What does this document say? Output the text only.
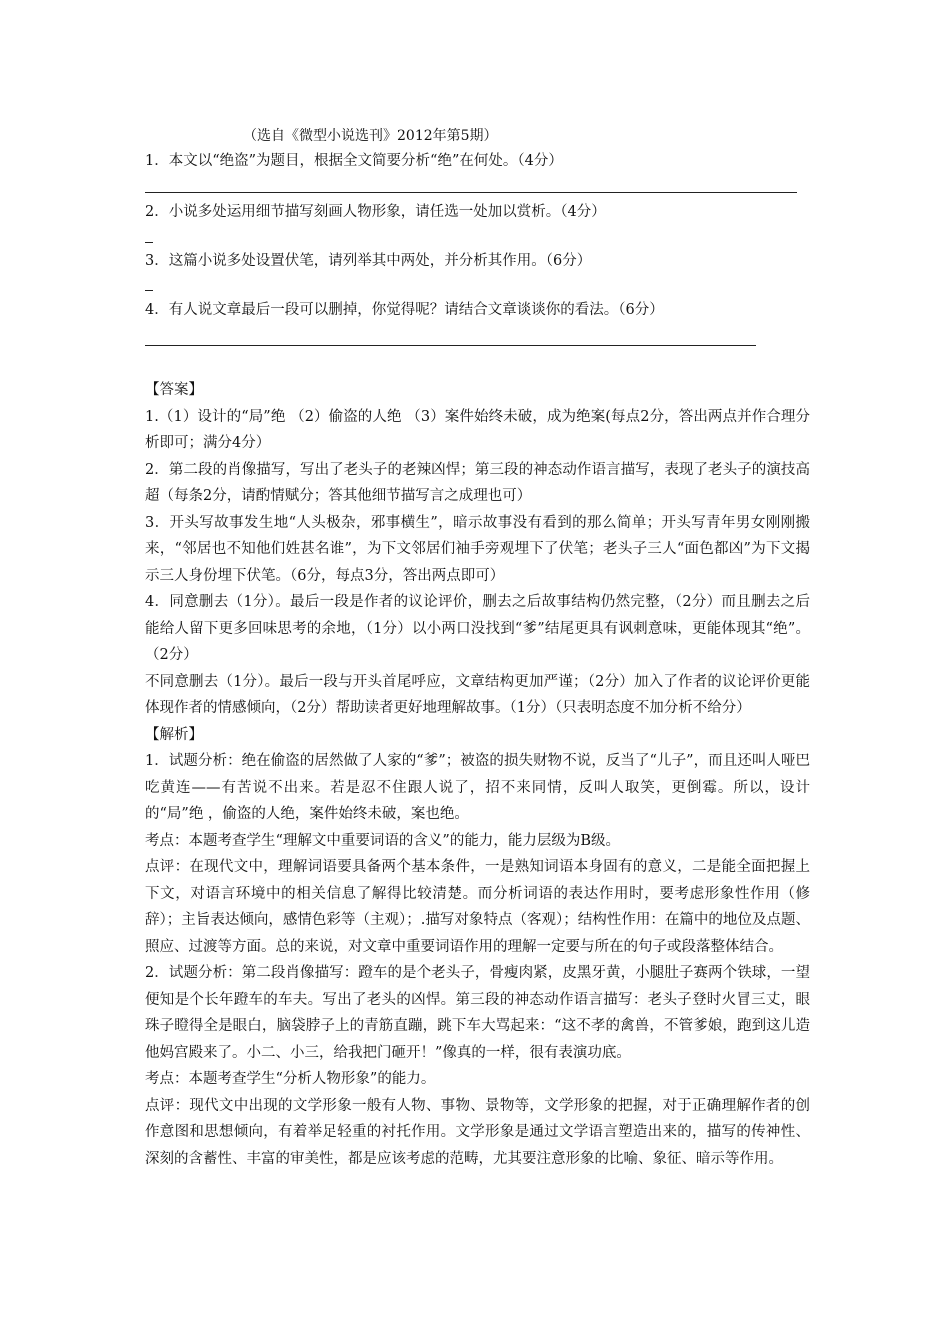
（选自《微型小说选刊》2012年第5期）
1．本文以“绝盗”为题目，根据全文简要分析“绝”在何处。（4分）
2．小说多处运用细节描写刻画人物形象，请任选一处加以赏析。（4分）
3．这篇小说多处设置伏笔，请列举其中两处，并分析其作用。（6分）
4．有人说文章最后一段可以删掉，你觉得呢？请结合文章谈谈你的看法。（6分）

【答案】

1.（1）设计的“局”绝 （2）偷盗的人绝 （3）案件始终未破，成为绝案(每点2分，答出两点并作合理分析即可；满分4分）

2．第二段的肖像描写，写出了老头子的老辣凶悍；第三段的神态动作语言描写，表现了老头子的演技高超（每条2分，请酌情赋分；答其他细节描写言之成理也可）

3．开头写故事发生地“人头极杂，邪事横生”，暗示故事没有看到的那么简单；开头写青年男女刚刚搬来，“邻居也不知他们姓甚名谁”，为下文邻居们袖手旁观埋下了伏笔；老头子三人“面色都凶”为下文揭示三人身份埋下伏笔。（6分，每点3分，答出两点即可）

4．同意删去（1分）。最后一段是作者的议论评价，删去之后故事结构仍然完整，（2分）而且删去之后能给人留下更多回味思考的余地，（1分）以小两口没找到“爹”结尾更具有讽刺意味，更能体现其“绝”。（2分）

不同意删去（1分）。最后一段与开头首尾呼应，文章结构更加严谨；（2分）加入了作者的议论评价更能体现作者的情感倾向，（2分）帮助读者更好地理解故事。（1分）（只表明态度不加分析不给分）

【解析】

1．试题分析：绝在偷盗的居然做了人家的“爹”；被盗的损失财物不说，反当了“儿子”，而且还叫人哑巴吃黄连——有苦说不出来。若是忍不住跟人说了，招不来同情，反叫人取笑，更倒霉。所以，设计的“局”绝 ，偷盗的人绝，案件始终未破，案也绝。

考点：本题考查学生“理解文中重要词语的含义”的能力，能力层级为B级。

点评：在现代文中，理解词语要具备两个基本条件，一是熟知词语本身固有的意义，二是能全面把握上下文，对语言环境中的相关信息了解得比较清楚。而分析词语的表达作用时，要考虑形象性作用（修辞）；主旨表达倾向，感情色彩等（主观）；.描写对象特点（客观）；结构性作用：在篇中的地位及点题、照应、过渡等方面。总的来说，对文章中重要词语作用的理解一定要与所在的句子或段落整体结合。

2．试题分析：第二段肖像描写：蹬车的是个老头子，骨瘦肉紧，皮黑牙黄，小腿肚子赛两个铁球，一望便知是个长年蹬车的车夫。写出了老头的凶悍。第三段的神态动作语言描写：老头子登时火冒三丈，眼珠子瞪得全是眼白，脑袋脖子上的青筋直蹦，跳下车大骂起来：“这不孝的禽兽，不管爹娘，跑到这儿造他妈宫殿来了。小二、小三，给我把门砸开！”像真的一样，很有表演功底。

考点：本题考查学生“分析人物形象”的能力。

点评：现代文中出现的文学形象一般有人物、事物、景物等，文学形象的把握，对于正确理解作者的创作意图和思想倾向，有着举足轻重的衬托作用。文学形象是通过文学语言塑造出来的，描写的传神性、深刻的含蓄性、丰富的审美性，都是应该考虑的范畴，尤其要注意形象的比喻、象征、暗示等作用。
